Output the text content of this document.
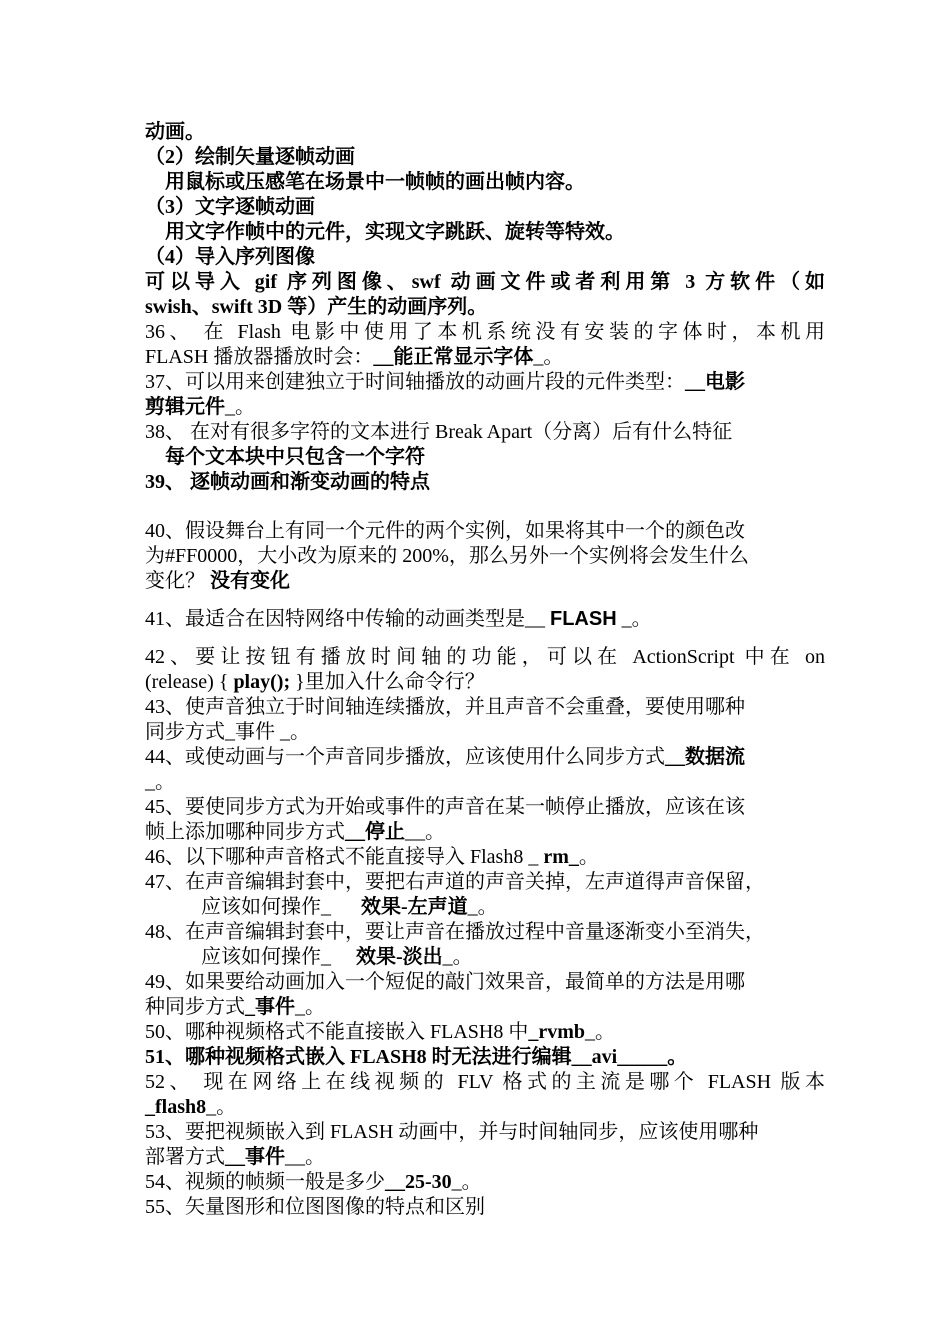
动画。
（2）绘制矢量逐帧动画
用鼠标或压感笔在场景中一帧帧的画出帧内容。
（3）文字逐帧动画
用文字作帧中的元件，实现文字跳跃、旋转等特效。
（4）导入序列图像
可以导入 gif 序列图像、swf 动画文件或者利用第 3 方软件（如
swish、swift 3D 等）产生的动画序列。
36、 在 Flash 电影中使用了本机系统没有安装的字体时，本机用
FLASH 播放器播放时会：__能正常显示字体_。
37、可以用来创建独立于时间轴播放的动画片段的元件类型：__电影
剪辑元件_。
38、 在对有很多字符的文本进行 Break Apart（分离）后有什么特征
每个文本块中只包含一个字符
39、 逐帧动画和渐变动画的特点
40、假设舞台上有同一个元件的两个实例，如果将其中一个的颜色改
为#FF0000，大小改为原来的 200%，那么另外一个实例将会发生什么
变化？ 没有变化
41、最适合在因特网络中传输的动画类型是__ FLASH _。
42、要让按钮有播放时间轴的功能，可以在 ActionScript 中在 on
(release) { play(); }里加入什么命令行？
43、使声音独立于时间轴连续播放，并且声音不会重叠，要使用哪种
同步方式_事件 _。
44、或使动画与一个声音同步播放，应该使用什么同步方式__数据流
_。
45、要使同步方式为开始或事件的声音在某一帧停止播放，应该在该
帧上添加哪种同步方式__停止__。
46、以下哪种声音格式不能直接导入 Flash8 _ rm_。
47、在声音编辑封套中，要把右声道的声音关掉，左声道得声音保留，
应该如何操作_      效果-左声道_。
48、在声音编辑封套中，要让声音在播放过程中音量逐渐变小至消失，
应该如何操作_     效果-淡出_。
49、如果要给动画加入一个短促的敲门效果音，最简单的方法是用哪
种同步方式_事件_。
50、哪种视频格式不能直接嵌入 FLASH8 中_rvmb_。
51、哪种视频格式嵌入 FLASH8 时无法进行编辑__avi_____。
52、 现在网络上在线视频的 FLV 格式的主流是哪个 FLASH 版本
_flash8_。
53、要把视频嵌入到 FLASH 动画中，并与时间轴同步，应该使用哪种
部署方式__事件__。
54、视频的帧频一般是多少__25-30_。
55、矢量图形和位图图像的特点和区别
